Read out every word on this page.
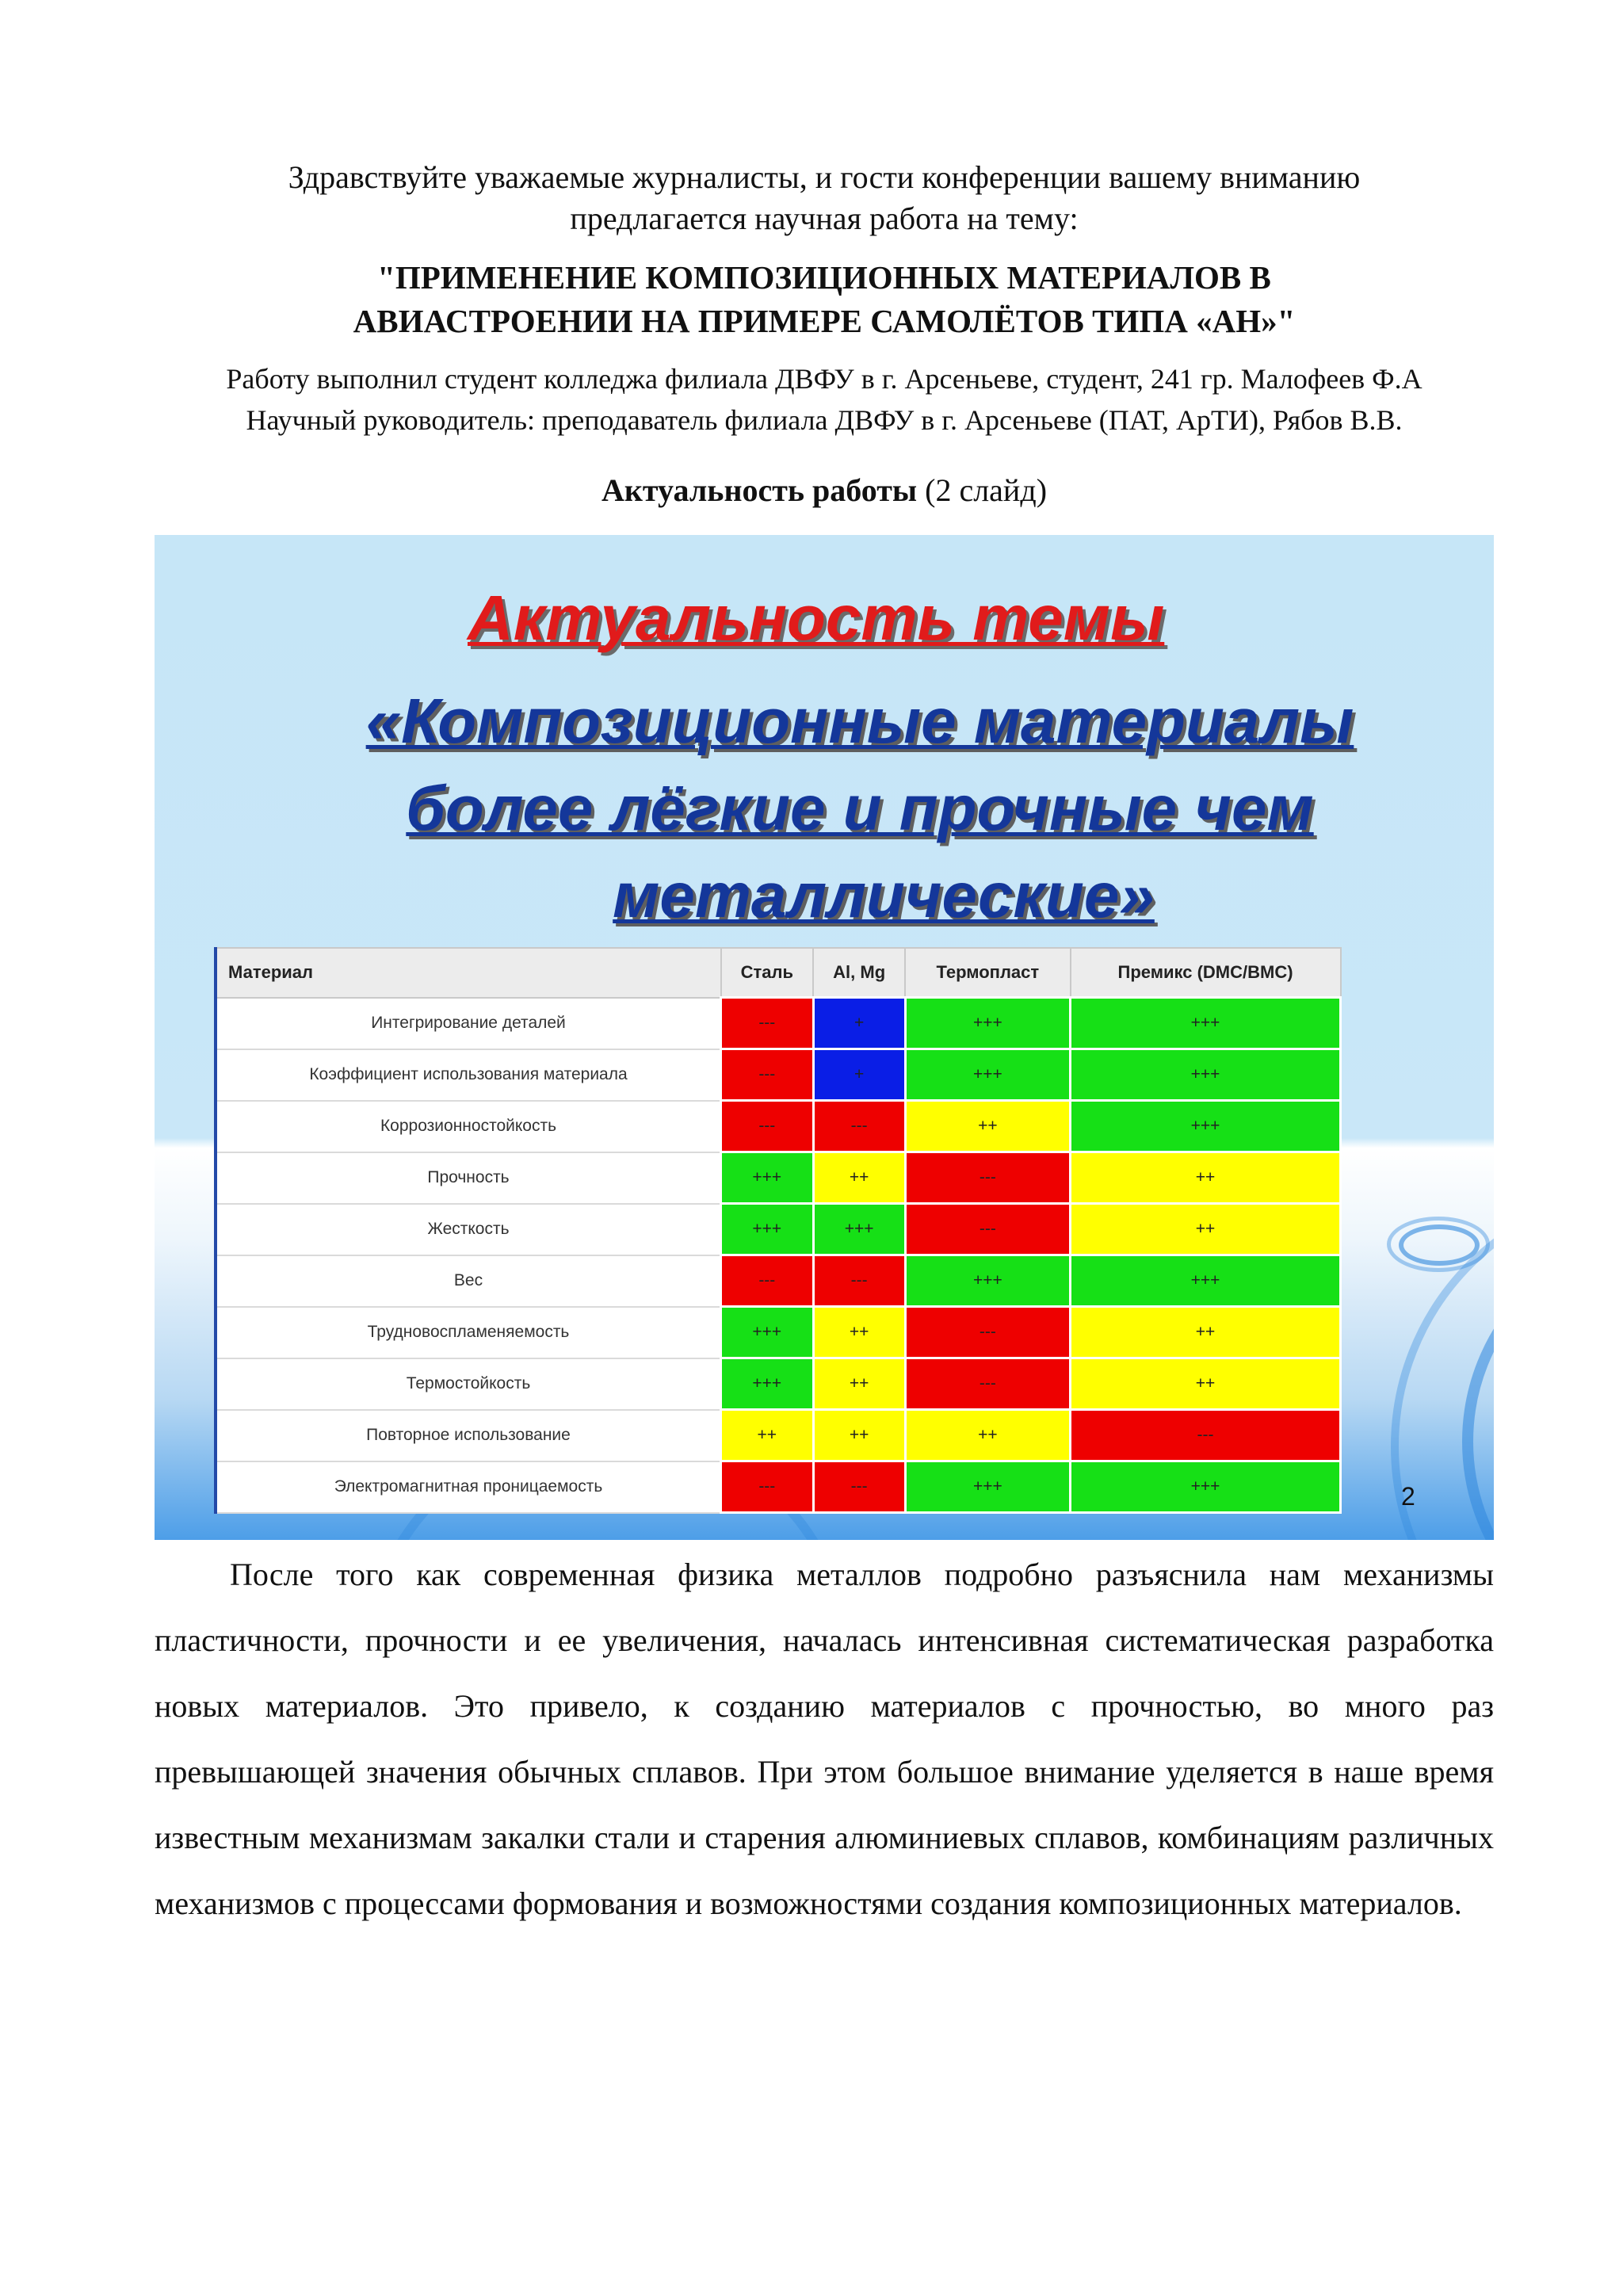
Здравствуйте уважаемые журналисты, и гости конференции вашему вниманию
предлагается научная работа на тему:
"ПРИМЕНЕНИЕ КОМПОЗИЦИОННЫХ МАТЕРИАЛОВ В
АВИАСТРОЕНИИ НА ПРИМЕРЕ САМОЛЁТОВ ТИПА «АН»"
Работу выполнил студент колледжа филиала ДВФУ в г. Арсеньеве, студент, 241 гр. Малофеев Ф.А
Научный руководитель: преподаватель филиала ДВФУ в г. Арсеньеве (ПАТ, АрТИ), Рябов В.В.
Актуальность работы (2 слайд)
Актуальность темы
«Композиционные материалы
более лёгкие и прочные чем
металлические»
Материал	Сталь	Al, Mg	Термопласт	Премикс (DMC/BMC)
Интегрирование деталей	---	+	+++	+++
Коэффициент использования материала	---	+	+++	+++
Коррозионностойкость	---	---	++	+++
Прочность	+++	++	---	++
Жесткость	+++	+++	---	++
Вес	---	---	+++	+++
Трудновоспламеняемость	+++	++	---	++
Термостойкость	+++	++	---	++
Повторное использование	++	++	++	---
Электромагнитная проницаемость	---	---	+++	+++	2
После того как современная физика металлов подробно разъяснила нам механизмы пластичности, прочности и ее увеличения, началась интенсивная систематическая разработка новых материалов. Это привело, к созданию материалов с прочностью, во много раз превышающей значения обычных сплавов. При этом большое внимание уделяется в наше время известным механизмам закалки стали и старения алюминиевых сплавов, комбинациям различных механизмов с процессами формования и возможностями создания композиционных материалов.
